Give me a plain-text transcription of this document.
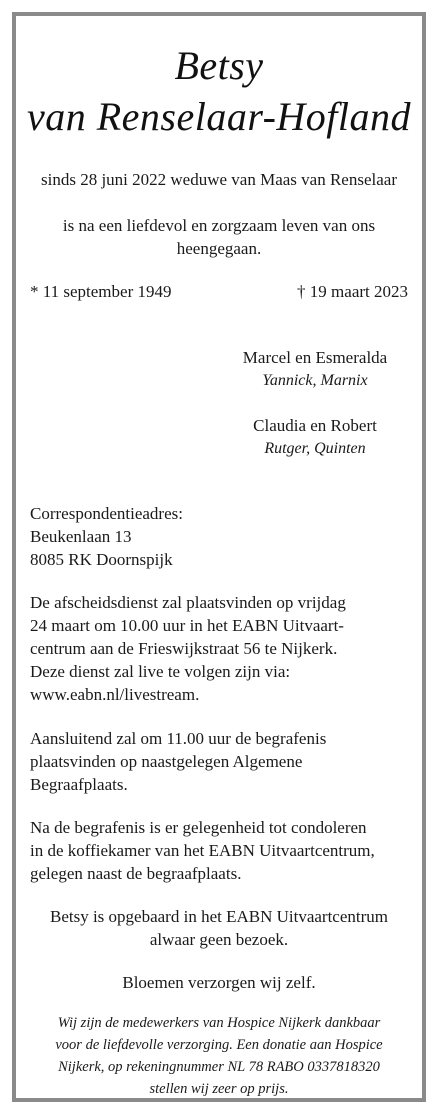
Betsy
van Renselaar-Hofland
sinds 28 juni 2022 weduwe van Maas van Renselaar
is na een liefdevol en zorgzaam leven van ons
heengegaan.
* 11 september 1949	† 19 maart 2023
Marcel en Esmeralda
Yannick, Marnix
Claudia en Robert
Rutger, Quinten
Correspondentieadres:
Beukenlaan 13
8085 RK Doornspijk
De afscheidsdienst zal plaatsvinden op vrijdag
24 maart om 10.00 uur in het EABN Uitvaart-
centrum aan de Frieswijkstraat 56 te Nijkerk.
Deze dienst zal live te volgen zijn via:
www.eabn.nl/livestream.
Aansluitend zal om 11.00 uur de begrafenis
plaatsvinden op naastgelegen Algemene
Begraafplaats.
Na de begrafenis is er gelegenheid tot condoleren
in de koffiekamer van het EABN Uitvaartcentrum,
gelegen naast de begraafplaats.
Betsy is opgebaard in het EABN Uitvaartcentrum
alwaar geen bezoek.
Bloemen verzorgen wij zelf.
Wij zijn de medewerkers van Hospice Nijkerk dankbaar
voor de liefdevolle verzorging. Een donatie aan Hospice
Nijkerk, op rekeningnummer NL 78 RABO 0337818320
stellen wij zeer op prijs.
